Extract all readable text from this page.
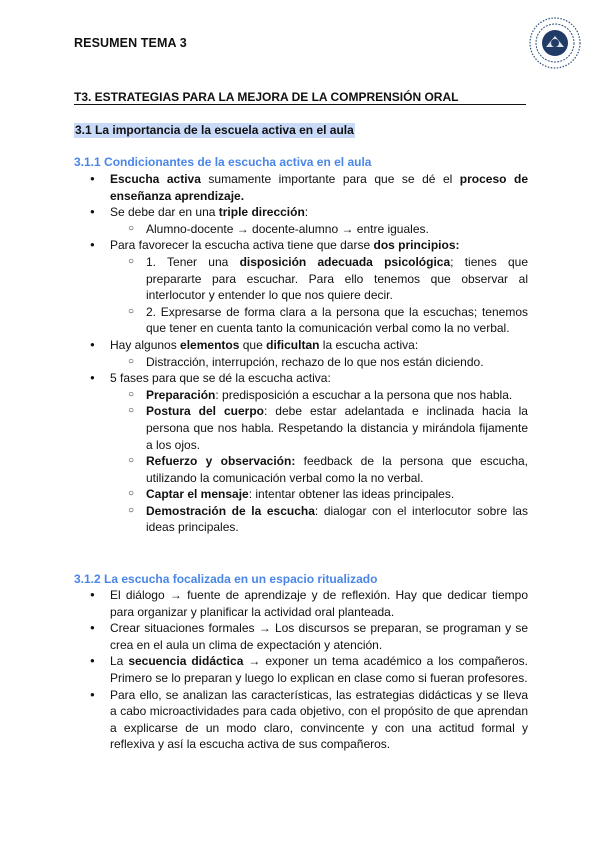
RESUMEN TEMA 3
T3. ESTRATEGIAS PARA LA MEJORA DE LA COMPRENSIÓN ORAL
3.1 La importancia de la escuela activa en el aula
3.1.1 Condicionantes de la escucha activa en el aula
● Escucha activa sumamente importante para que se dé el proceso de enseñanza aprendizaje.
● Se debe dar en una triple dirección:
○ Alumno-docente → docente-alumno → entre iguales.
● Para favorecer la escucha activa tiene que darse dos principios:
○ 1. Tener una disposición adecuada psicológica; tienes que prepararte para escuchar. Para ello tenemos que observar al interlocutor y entender lo que nos quiere decir.
○ 2. Expresarse de forma clara a la persona que la escuchas; tenemos que tener en cuenta tanto la comunicación verbal como la no verbal.
● Hay algunos elementos que dificultan la escucha activa:
○ Distracción, interrupción, rechazo de lo que nos están diciendo.
● 5 fases para que se dé la escucha activa:
○ Preparación: predisposición a escuchar a la persona que nos habla.
○ Postura del cuerpo: debe estar adelantada e inclinada hacia la persona que nos habla. Respetando la distancia y mirándola fijamente a los ojos.
○ Refuerzo y observación: feedback de la persona que escucha, utilizando la comunicación verbal como la no verbal.
○ Captar el mensaje: intentar obtener las ideas principales.
○ Demostración de la escucha: dialogar con el interlocutor sobre las ideas principales.
3.1.2 La escucha focalizada en un espacio ritualizado
● El diálogo → fuente de aprendizaje y de reflexión. Hay que dedicar tiempo para organizar y planificar la actividad oral planteada.
● Crear situaciones formales → Los discursos se preparan, se programan y se crea en el aula un clima de expectación y atención.
● La secuencia didáctica → exponer un tema académico a los compañeros. Primero se lo preparan y luego lo explican en clase como si fueran profesores.
● Para ello, se analizan las características, las estrategias didácticas y se lleva a cabo microactividades para cada objetivo, con el propósito de que aprendan a explicarse de un modo claro, convincente y con una actitud formal y reflexiva y así la escucha activa de sus compañeros.
